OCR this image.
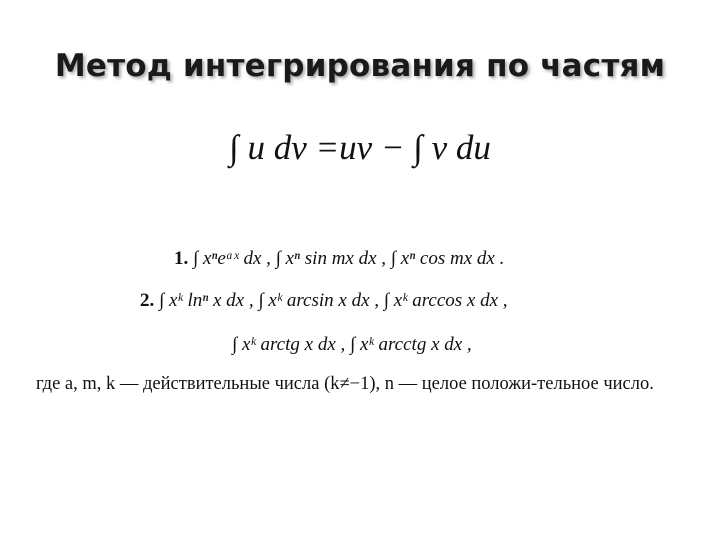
Метод интегрирования по частям
∫ u dv =uv − ∫ v du
1. ∫ xⁿeᵃˣ dx , ∫ xⁿ sin mx dx , ∫ xⁿ cos mx dx .
2. ∫ xᵏ lnⁿ x dx , ∫ xᵏ arcsin x dx , ∫ xᵏ arccos x dx ,
∫ xᵏ arctg x dx , ∫ xᵏ arcctg x dx ,
где a, m, k — действительные числа (k≠−1), n — целое положи-тельное число.
